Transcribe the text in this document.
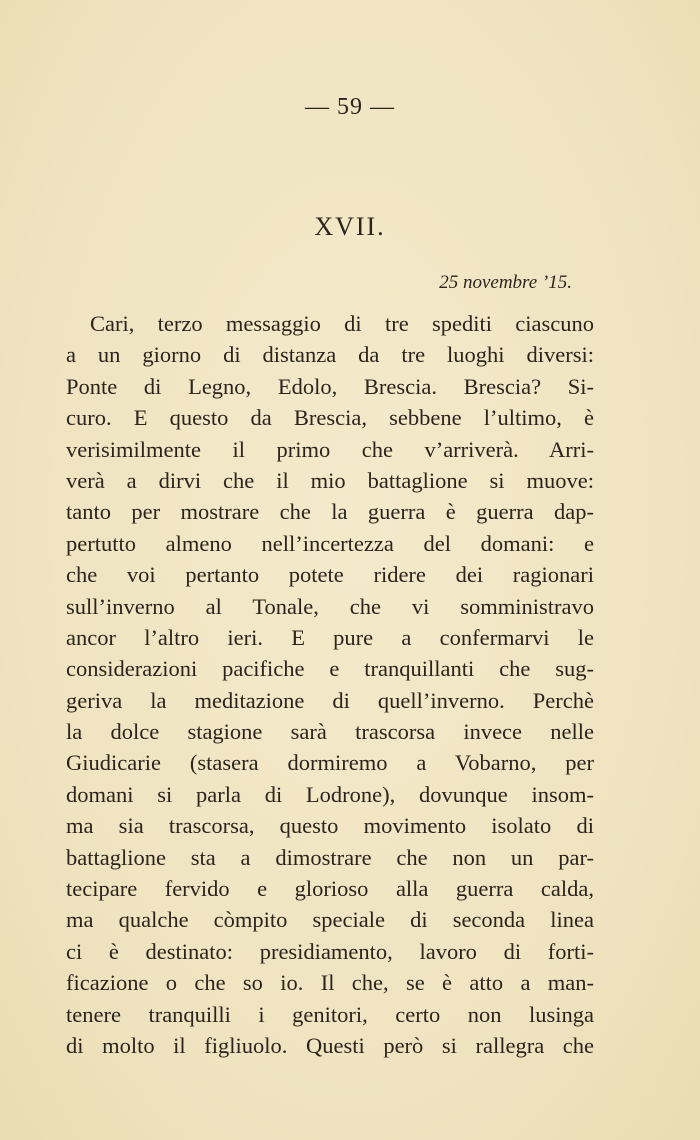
— 59 —
XVII.
25 novembre ’15.
Cari, terzo messaggio di tre spediti ciascuno
a un giorno di distanza da tre luoghi diversi:
Ponte di Legno, Edolo, Brescia. Brescia? Si-
curo. E questo da Brescia, sebbene l’ultimo, è
verisimilmente il primo che v’arriverà. Arri-
verà a dirvi che il mio battaglione si muove:
tanto per mostrare che la guerra è guerra dap-
pertutto almeno nell’incertezza del domani: e
che voi pertanto potete ridere dei ragionari
sull’inverno al Tonale, che vi somministravo
ancor l’altro ieri. E pure a confermarvi le
considerazioni pacifiche e tranquillanti che sug-
geriva la meditazione di quell’inverno. Perchè
la dolce stagione sarà trascorsa invece nelle
Giudicarie (stasera dormiremo a Vobarno, per
domani si parla di Lodrone), dovunque insom-
ma sia trascorsa, questo movimento isolato di
battaglione sta a dimostrare che non un par-
tecipare fervido e glorioso alla guerra calda,
ma qualche còmpito speciale di seconda linea
ci è destinato: presidiamento, lavoro di forti-
ficazione o che so io. Il che, se è atto a man-
tenere tranquilli i genitori, certo non lusinga
di molto il figliuolo. Questi però si rallegra che
